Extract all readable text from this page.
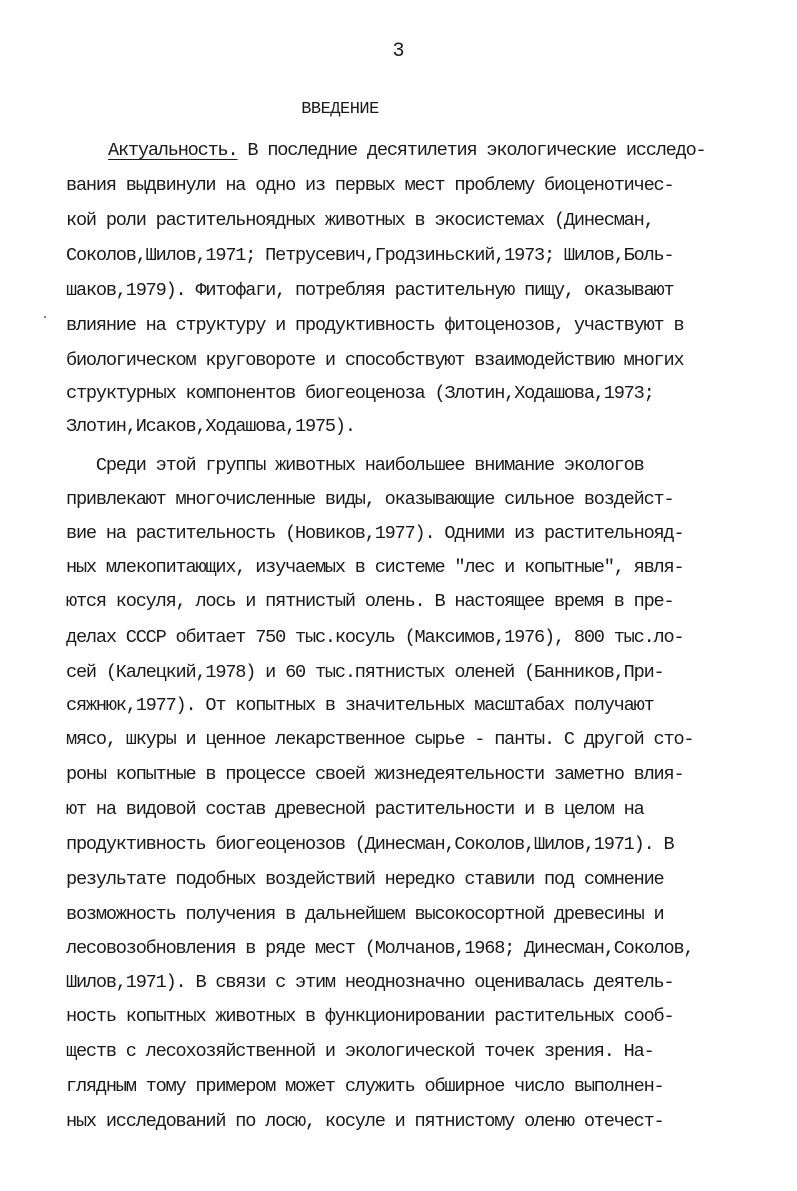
3
ВВЕДЕНИЕ
Актуальность. В последние десятилетия экологические исследо-
вания выдвинули на одно из первых мест проблему биоценотичес-
кой роли растительноядных животных в экосистемах (Динесман,
Соколов,Шилов,1971; Петрусевич,Гродзиньский,1973; Шилов,Боль-
шаков,1979). Фитофаги, потребляя растительную пищу, оказывают
влияние на структуру и продуктивность фитоценозов, участвуют в
биологическом круговороте и способствуют взаимодействию многих
структурных компонентов биогеоценоза (Злотин,Ходашова,1973;
Злотин,Исаков,Ходашова,1975).
Среди этой группы животных наибольшее внимание экологов
привлекают многочисленные виды, оказывающие сильное воздейст-
вие на растительность (Новиков,1977). Одними из растительнояд-
ных млекопитающих, изучаемых в системе "лес и копытные", явля-
ются косуля, лось и пятнистый олень. В настоящее время в пре-
делах СССР обитает 750 тыс.косуль (Максимов,1976), 800 тыс.ло-
сей (Калецкий,1978) и 60 тыс.пятнистых оленей (Банников,При-
сяжнюк,1977). От копытных в значительных масштабах получают
мясо, шкуры и ценное лекарственное сырье - панты. С другой сто-
роны копытные в процессе своей жизнедеятельности заметно влия-
ют на видовой состав древесной растительности и в целом на
продуктивность биогеоценозов (Динесман,Соколов,Шилов,1971). В
результате подобных воздействий нередко ставили под сомнение
возможность получения в дальнейшем высокосортной древесины и
лесовозобновления в ряде мест (Молчанов,1968; Динесман,Соколов,
Шилов,1971). В связи с этим неоднозначно оценивалась деятель-
ность копытных животных в функционировании растительных сооб-
ществ с лесохозяйственной и экологической точек зрения. На-
глядным тому примером может служить обширное число выполнен-
ных исследований по лосю, косуле и пятнистому оленю отечест-
